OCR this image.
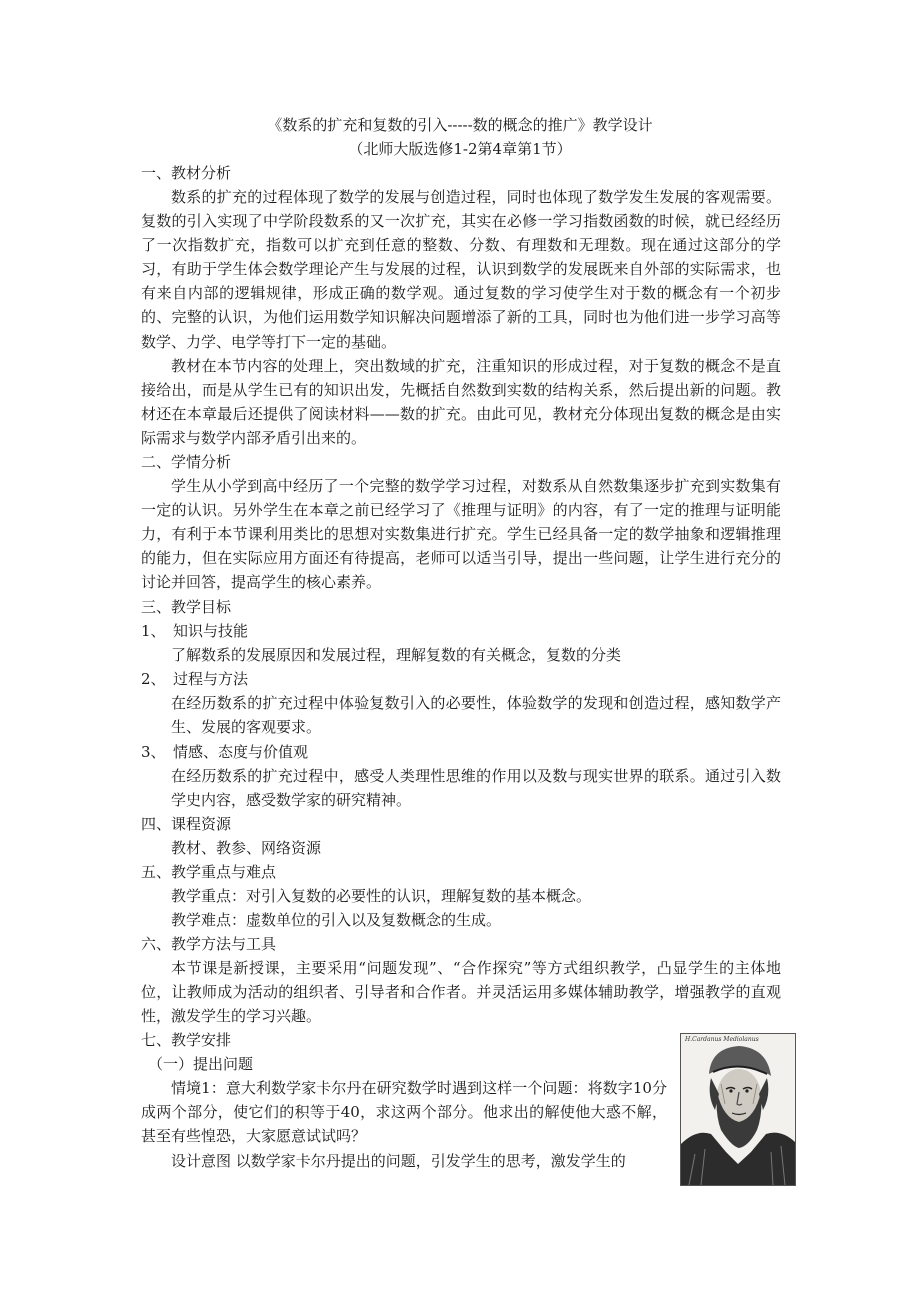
《数系的扩充和复数的引入-----数的概念的推广》教学设计
（北师大版选修1-2第4章第1节）
一、教材分析
数系的扩充的过程体现了数学的发展与创造过程，同时也体现了数学发生发展的客观需要。复数的引入实现了中学阶段数系的又一次扩充，其实在必修一学习指数函数的时候，就已经经历了一次指数扩充，指数可以扩充到任意的整数、分数、有理数和无理数。现在通过这部分的学习，有助于学生体会数学理论产生与发展的过程，认识到数学的发展既来自外部的实际需求，也有来自内部的逻辑规律，形成正确的数学观。通过复数的学习使学生对于数的概念有一个初步的、完整的认识，为他们运用数学知识解决问题增添了新的工具，同时也为他们进一步学习高等数学、力学、电学等打下一定的基础。
教材在本节内容的处理上，突出数域的扩充，注重知识的形成过程，对于复数的概念不是直接给出，而是从学生已有的知识出发，先概括自然数到实数的结构关系，然后提出新的问题。教材还在本章最后还提供了阅读材料——数的扩充。由此可见，教材充分体现出复数的概念是由实际需求与数学内部矛盾引出来的。
二、学情分析
学生从小学到高中经历了一个完整的数学学习过程，对数系从自然数集逐步扩充到实数集有一定的认识。另外学生在本章之前已经学习了《推理与证明》的内容，有了一定的推理与证明能力，有利于本节课利用类比的思想对实数集进行扩充。学生已经具备一定的数学抽象和逻辑推理的能力，但在实际应用方面还有待提高，老师可以适当引导，提出一些问题，让学生进行充分的讨论并回答，提高学生的核心素养。
三、教学目标
1、 知识与技能
了解数系的发展原因和发展过程，理解复数的有关概念，复数的分类
2、 过程与方法
在经历数系的扩充过程中体验复数引入的必要性，体验数学的发现和创造过程，感知数学产生、发展的客观要求。
3、 情感、态度与价值观
在经历数系的扩充过程中，感受人类理性思维的作用以及数与现实世界的联系。通过引入数学史内容，感受数学家的研究精神。
四、课程资源
教材、教参、网络资源
五、教学重点与难点
教学重点：对引入复数的必要性的认识，理解复数的基本概念。
教学难点：虚数单位的引入以及复数概念的生成。
六、教学方法与工具
本节课是新授课，主要采用“问题发现”、“合作探究”等方式组织教学，凸显学生的主体地位，让教师成为活动的组织者、引导者和合作者。并灵活运用多媒体辅助教学，增强教学的直观性，激发学生的学习兴趣。
七、教学安排
（一）提出问题
情境1：意大利数学家卡尔丹在研究数学时遇到这样一个问题：将数字10分成两个部分，使它们的积等于40，求这两个部分。他求出的解使他大惑不解，甚至有些惶恐，大家愿意试试吗？
设计意图 以数学家卡尔丹提出的问题，引发学生的思考，激发学生的
H.Cardanus Mediolanus
